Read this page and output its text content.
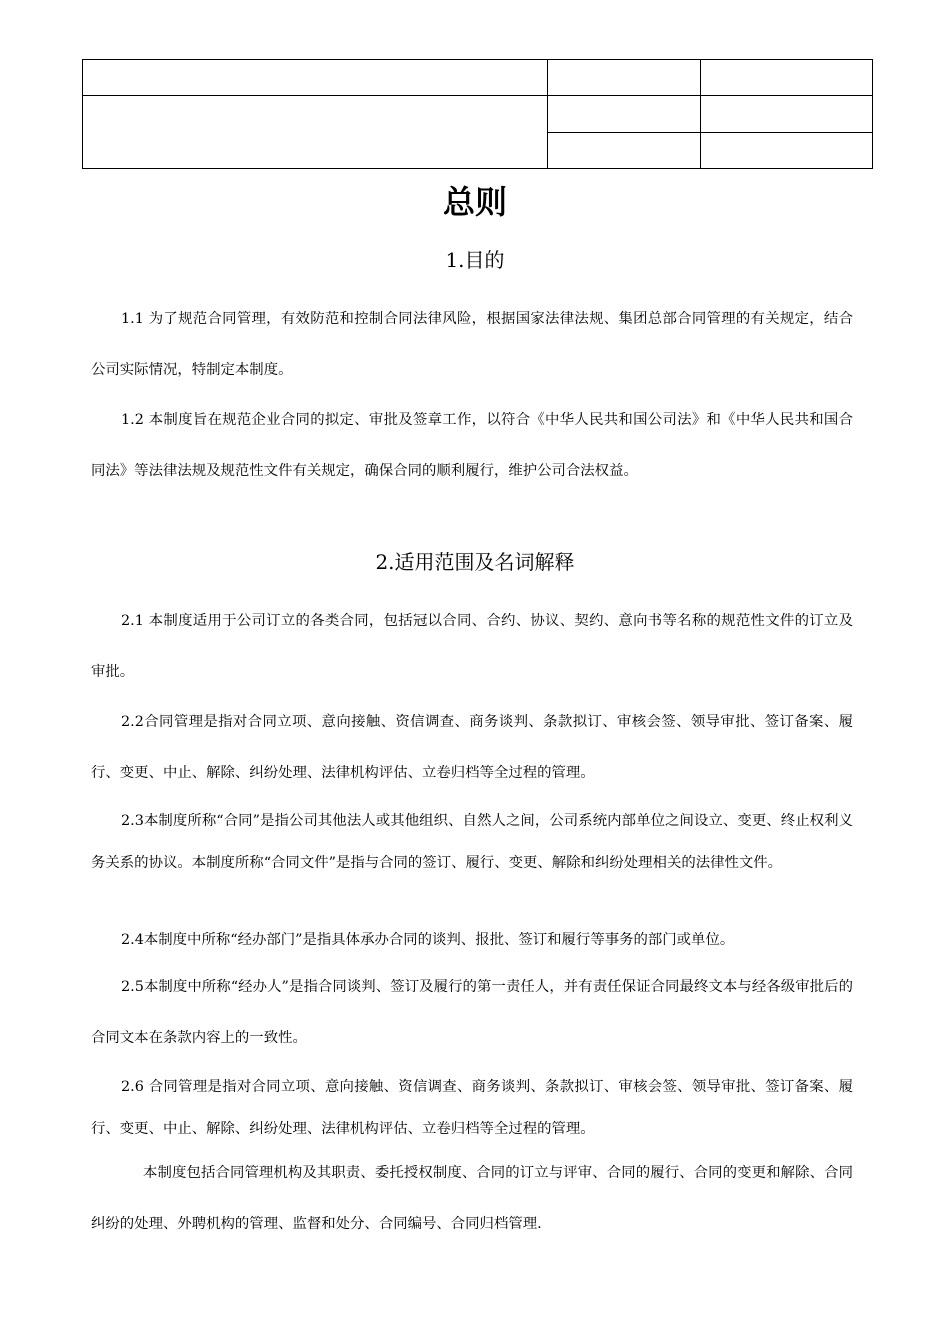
总则
1.目的
1.1 为了规范合同管理，有效防范和控制合同法律风险，根据国家法律法规、集团总部合同管理的有关规定，结合公司实际情况，特制定本制度。
1.2 本制度旨在规范企业合同的拟定、审批及签章工作，以符合《中华人民共和国公司法》和《中华人民共和国合同法》等法律法规及规范性文件有关规定，确保合同的顺利履行，维护公司合法权益。
2.适用范围及名词解释
2.1 本制度适用于公司订立的各类合同，包括冠以合同、合约、协议、契约、意向书等名称的规范性文件的订立及审批。
2.2合同管理是指对合同立项、意向接触、资信调查、商务谈判、条款拟订、审核会签、领导审批、签订备案、履行、变更、中止、解除、纠纷处理、法律机构评估、立卷归档等全过程的管理。
2.3本制度所称“合同”是指公司其他法人或其他组织、自然人之间，公司系统内部单位之间设立、变更、终止权利义务关系的协议。本制度所称“合同文件”是指与合同的签订、履行、变更、解除和纠纷处理相关的法律性文件。
2.4本制度中所称“经办部门”是指具体承办合同的谈判、报批、签订和履行等事务的部门或单位。
2.5本制度中所称“经办人”是指合同谈判、签订及履行的第一责任人，并有责任保证合同最终文本与经各级审批后的合同文本在条款内容上的一致性。
2.6 合同管理是指对合同立项、意向接触、资信调查、商务谈判、条款拟订、审核会签、领导审批、签订备案、履行、变更、中止、解除、纠纷处理、法律机构评估、立卷归档等全过程的管理。
本制度包括合同管理机构及其职责、委托授权制度、合同的订立与评审、合同的履行、合同的变更和解除、合同纠纷的处理、外聘机构的管理、监督和处分、合同编号、合同归档管理.
